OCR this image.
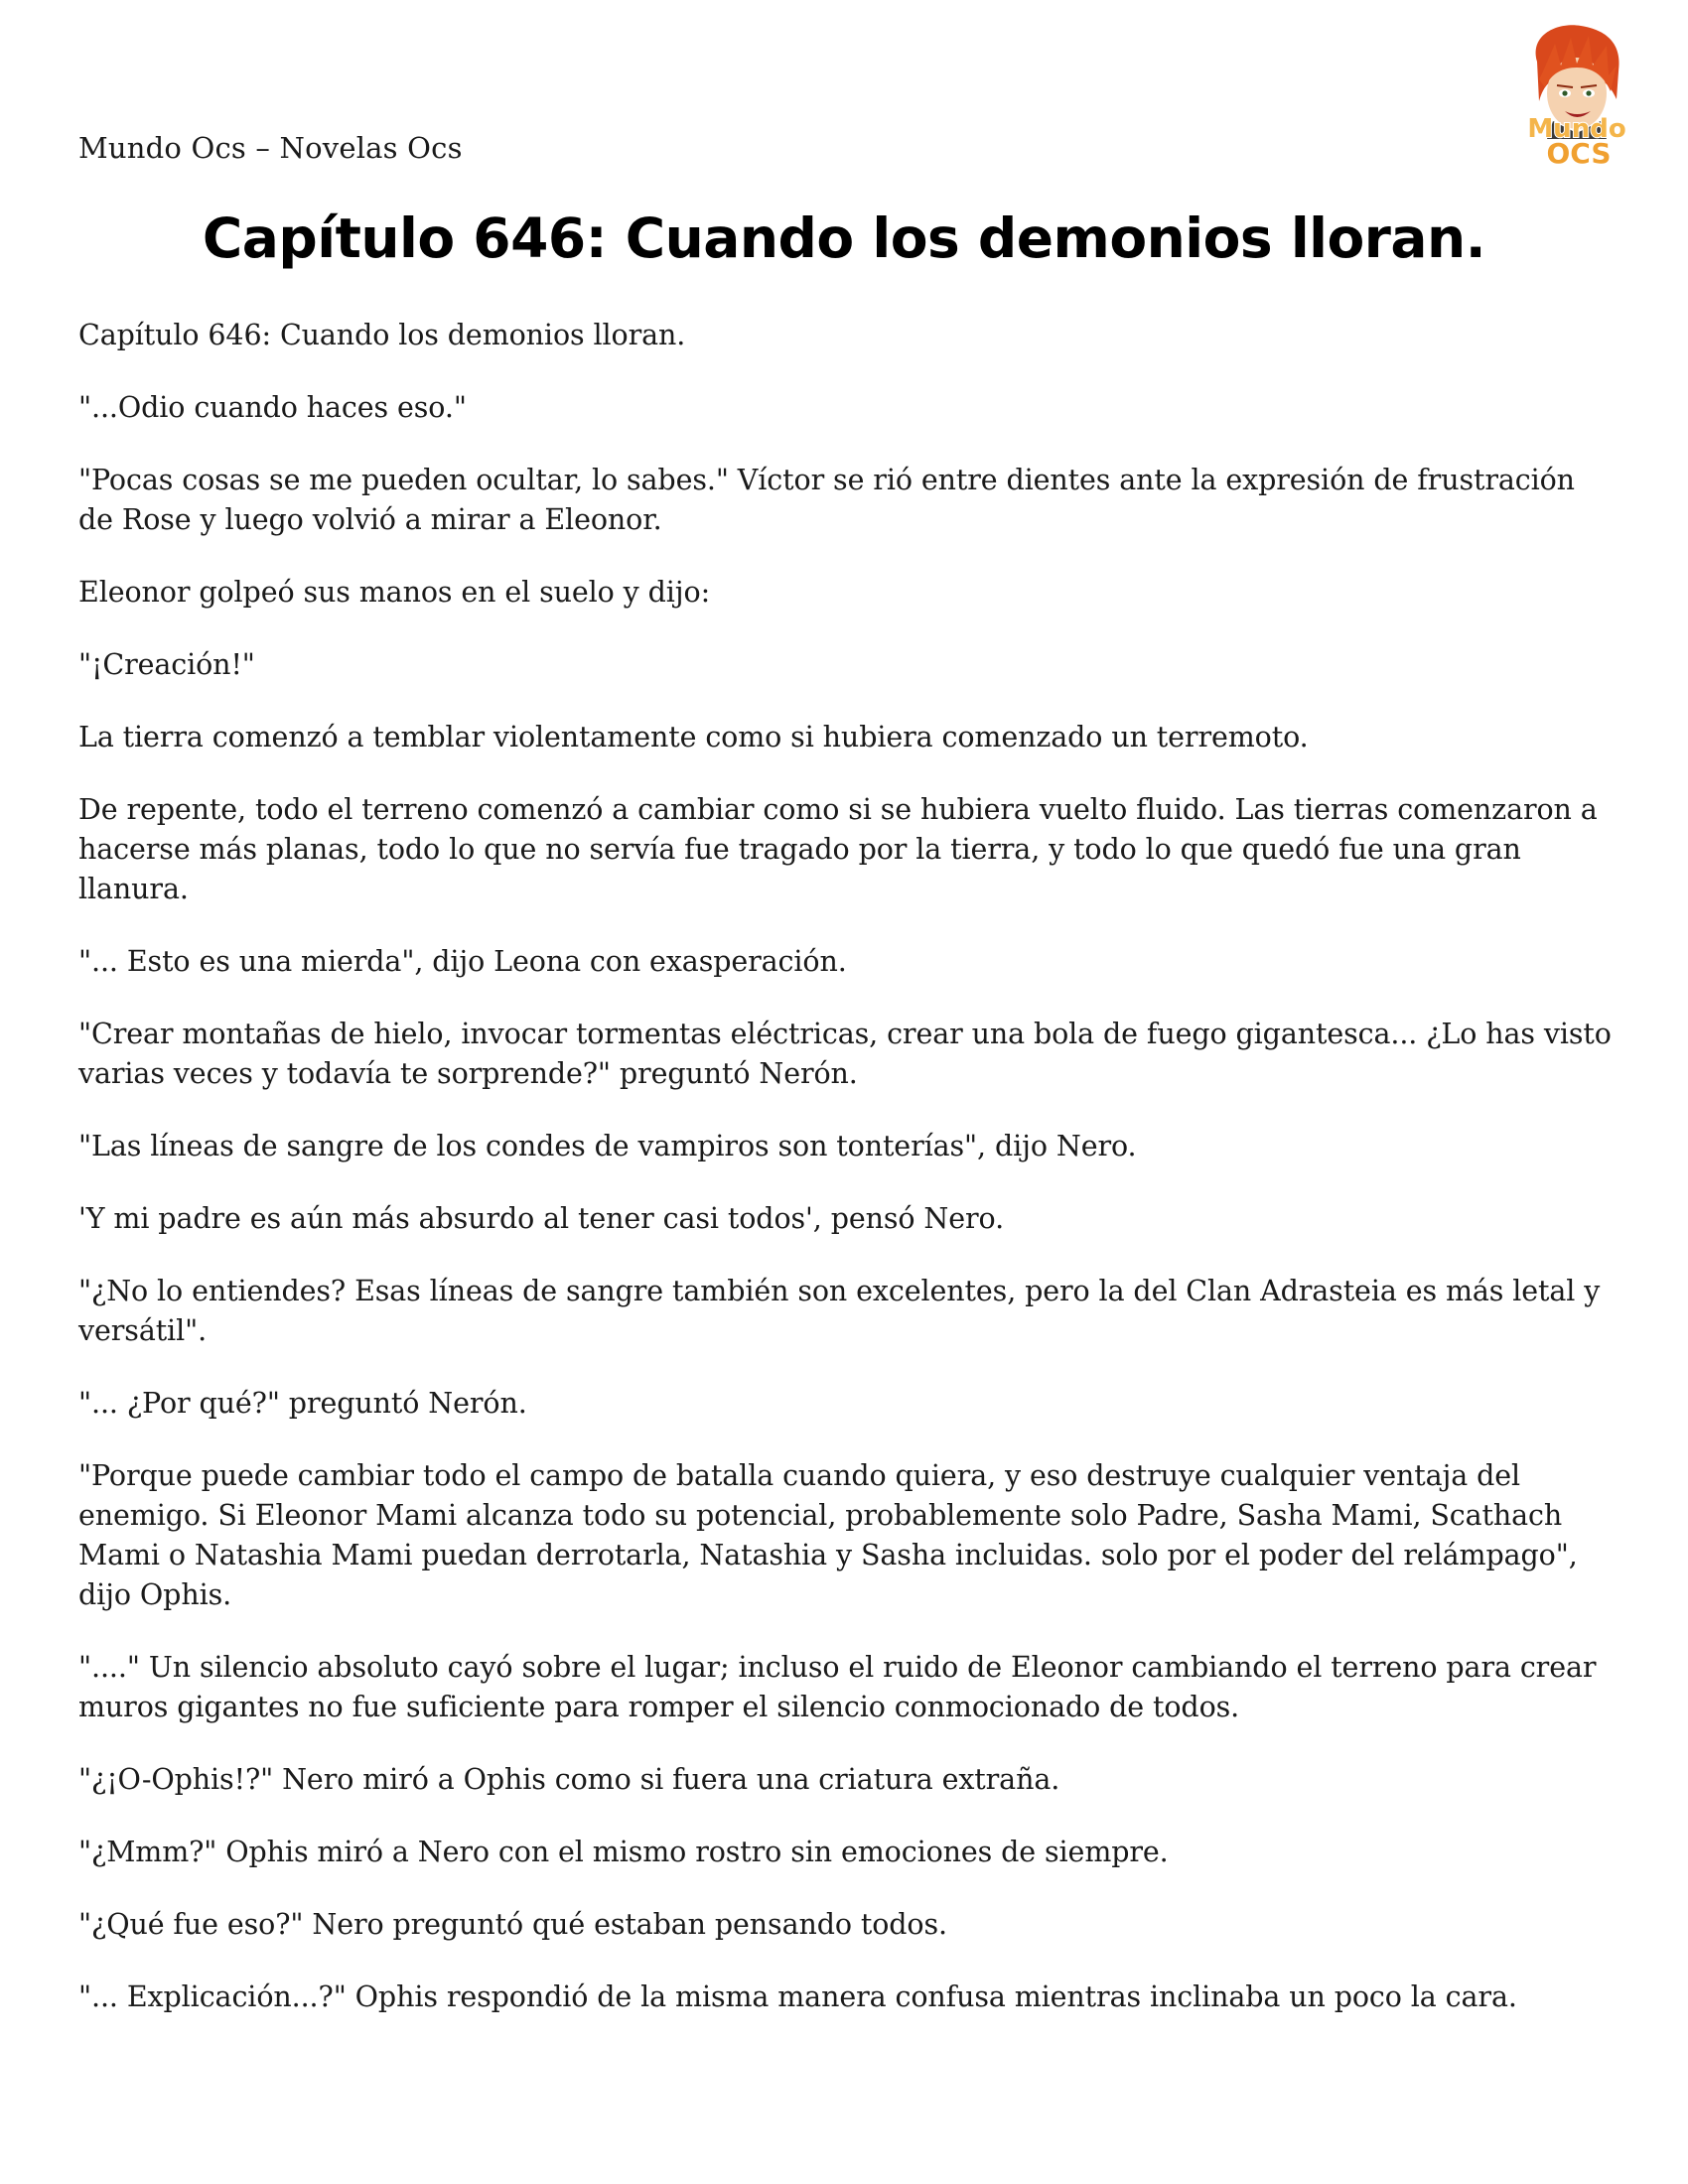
Mundo Ocs – Novelas Ocs
Mundo
OCS
Capítulo 646: Cuando los demonios lloran.

Capítulo 646: Cuando los demonios lloran.

"...Odio cuando haces eso."

"Pocas cosas se me pueden ocultar, lo sabes." Víctor se rió entre dientes ante la expresión de frustración de Rose y luego volvió a mirar a Eleonor.

Eleonor golpeó sus manos en el suelo y dijo:

"¡Creación!"

La tierra comenzó a temblar violentamente como si hubiera comenzado un terremoto.

De repente, todo el terreno comenzó a cambiar como si se hubiera vuelto fluido. Las tierras comenzaron a hacerse más planas, todo lo que no servía fue tragado por la tierra, y todo lo que quedó fue una gran llanura.

"... Esto es una mierda", dijo Leona con exasperación.

"Crear montañas de hielo, invocar tormentas eléctricas, crear una bola de fuego gigantesca... ¿Lo has visto varias veces y todavía te sorprende?" preguntó Nerón.

"Las líneas de sangre de los condes de vampiros son tonterías", dijo Nero.

'Y mi padre es aún más absurdo al tener casi todos', pensó Nero.

"¿No lo entiendes? Esas líneas de sangre también son excelentes, pero la del Clan Adrasteia es más letal y versátil".

"... ¿Por qué?" preguntó Nerón.

"Porque puede cambiar todo el campo de batalla cuando quiera, y eso destruye cualquier ventaja del enemigo. Si Eleonor Mami alcanza todo su potencial, probablemente solo Padre, Sasha Mami, Scathach Mami o Natashia Mami puedan derrotarla, Natashia y Sasha incluidas. solo por el poder del relámpago", dijo Ophis.

"...." Un silencio absoluto cayó sobre el lugar; incluso el ruido de Eleonor cambiando el terreno para crear muros gigantes no fue suficiente para romper el silencio conmocionado de todos.

"¿¡O-Ophis!?" Nero miró a Ophis como si fuera una criatura extraña.

"¿Mmm?" Ophis miró a Nero con el mismo rostro sin emociones de siempre.

"¿Qué fue eso?" Nero preguntó qué estaban pensando todos.

"... Explicación...?" Ophis respondió de la misma manera confusa mientras inclinaba un poco la cara.
